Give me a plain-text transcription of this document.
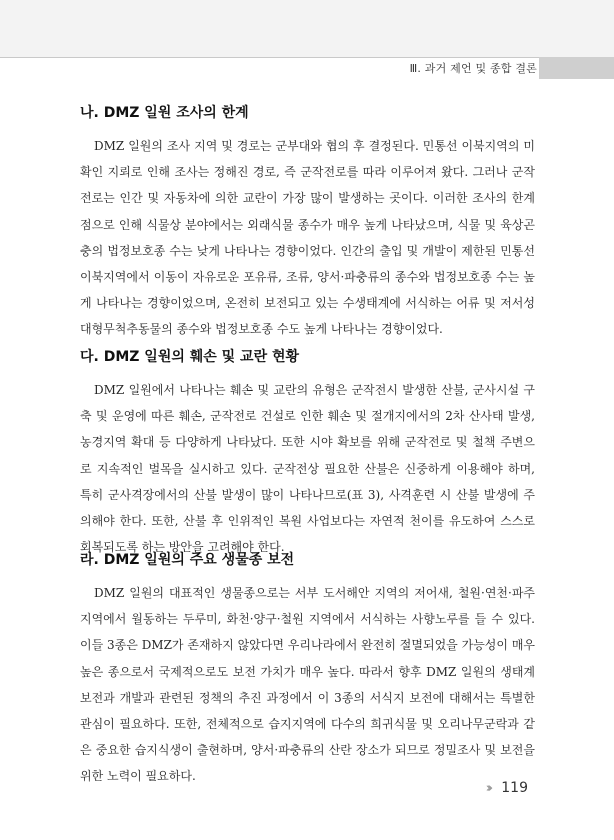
Ⅲ. 과거 제언 및 종합 결론
나. DMZ 일원 조사의 한계

DMZ 일원의 조사 지역 및 경로는 군부대와 협의 후 결정된다. 민통선 이북지역의 미확인 지뢰로 인해 조사는 정해진 경로, 즉 군작전로를 따라 이루어져 왔다. 그러나 군작전로는 인간 및 자동차에 의한 교란이 가장 많이 발생하는 곳이다. 이러한 조사의 한계점으로 인해 식물상 분야에서는 외래식물 종수가 매우 높게 나타났으며, 식물 및 육상곤충의 법정보호종 수는 낮게 나타나는 경향이었다. 인간의 출입 및 개발이 제한된 민통선 이북지역에서 이동이 자유로운 포유류, 조류, 양서·파충류의 종수와 법정보호종 수는 높게 나타나는 경향이었으며, 온전히 보전되고 있는 수생태계에 서식하는 어류 및 저서성대형무척추동물의 종수와 법정보호종 수도 높게 나타나는 경향이었다.

다. DMZ 일원의 훼손 및 교란 현황

DMZ 일원에서 나타나는 훼손 및 교란의 유형은 군작전시 발생한 산불, 군사시설 구축 및 운영에 따른 훼손, 군작전로 건설로 인한 훼손 및 절개지에서의 2차 산사태 발생, 농경지역 확대 등 다양하게 나타났다. 또한 시야 확보를 위해 군작전로 및 철책 주변으로 지속적인 벌목을 실시하고 있다. 군작전상 필요한 산불은 신중하게 이용해야 하며, 특히 군사격장에서의 산불 발생이 많이 나타나므로(표 3), 사격훈련 시 산불 발생에 주의해야 한다. 또한, 산불 후 인위적인 복원 사업보다는 자연적 천이를 유도하여 스스로 회복되도록 하는 방안을 고려해야 한다.

라. DMZ 일원의 주요 생물종 보전

DMZ 일원의 대표적인 생물종으로는 서부 도서해안 지역의 저어새, 철원·연천·파주 지역에서 월동하는 두루미, 화천·양구·철원 지역에서 서식하는 사향노루를 들 수 있다. 이들 3종은 DMZ가 존재하지 않았다면 우리나라에서 완전히 절멸되었을 가능성이 매우 높은 종으로서 국제적으로도 보전 가치가 매우 높다. 따라서 향후 DMZ 일원의 생태계 보전과 개발과 관련된 정책의 추진 과정에서 이 3종의 서식지 보전에 대해서는 특별한 관심이 필요하다. 또한, 전체적으로 습지지역에 다수의 희귀식물 및 오리나무군락과 같은 중요한 습지식생이 출현하며, 양서·파충류의 산란 장소가 되므로 정밀조사 및 보전을 위한 노력이 필요하다.

››› 119
